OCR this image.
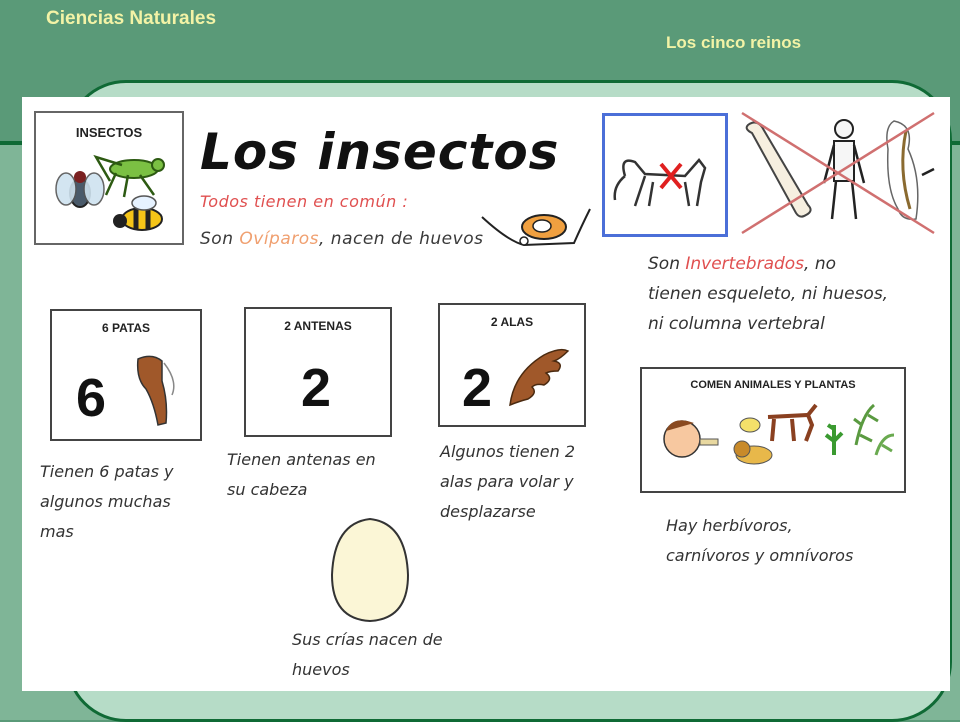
Ciencias Naturales
Los cinco reinos
INSECTOS	Los insectos
Todos tienen en común :
Son Ovíparos, nacen de huevos
Son Invertebrados, no
tienen esqueleto, ni huesos,
ni columna vertebral
6 PATAS
6
Tienen 6 patas y
algunos muchas
mas
2 ANTENAS
2
Tienen antenas en
su cabeza
2 ALAS
2
Algunos tienen 2
alas para volar y
desplazarse
COMEN ANIMALES Y PLANTAS
Hay herbívoros,
carnívoros y omnívoros
Sus crías nacen de
huevos
